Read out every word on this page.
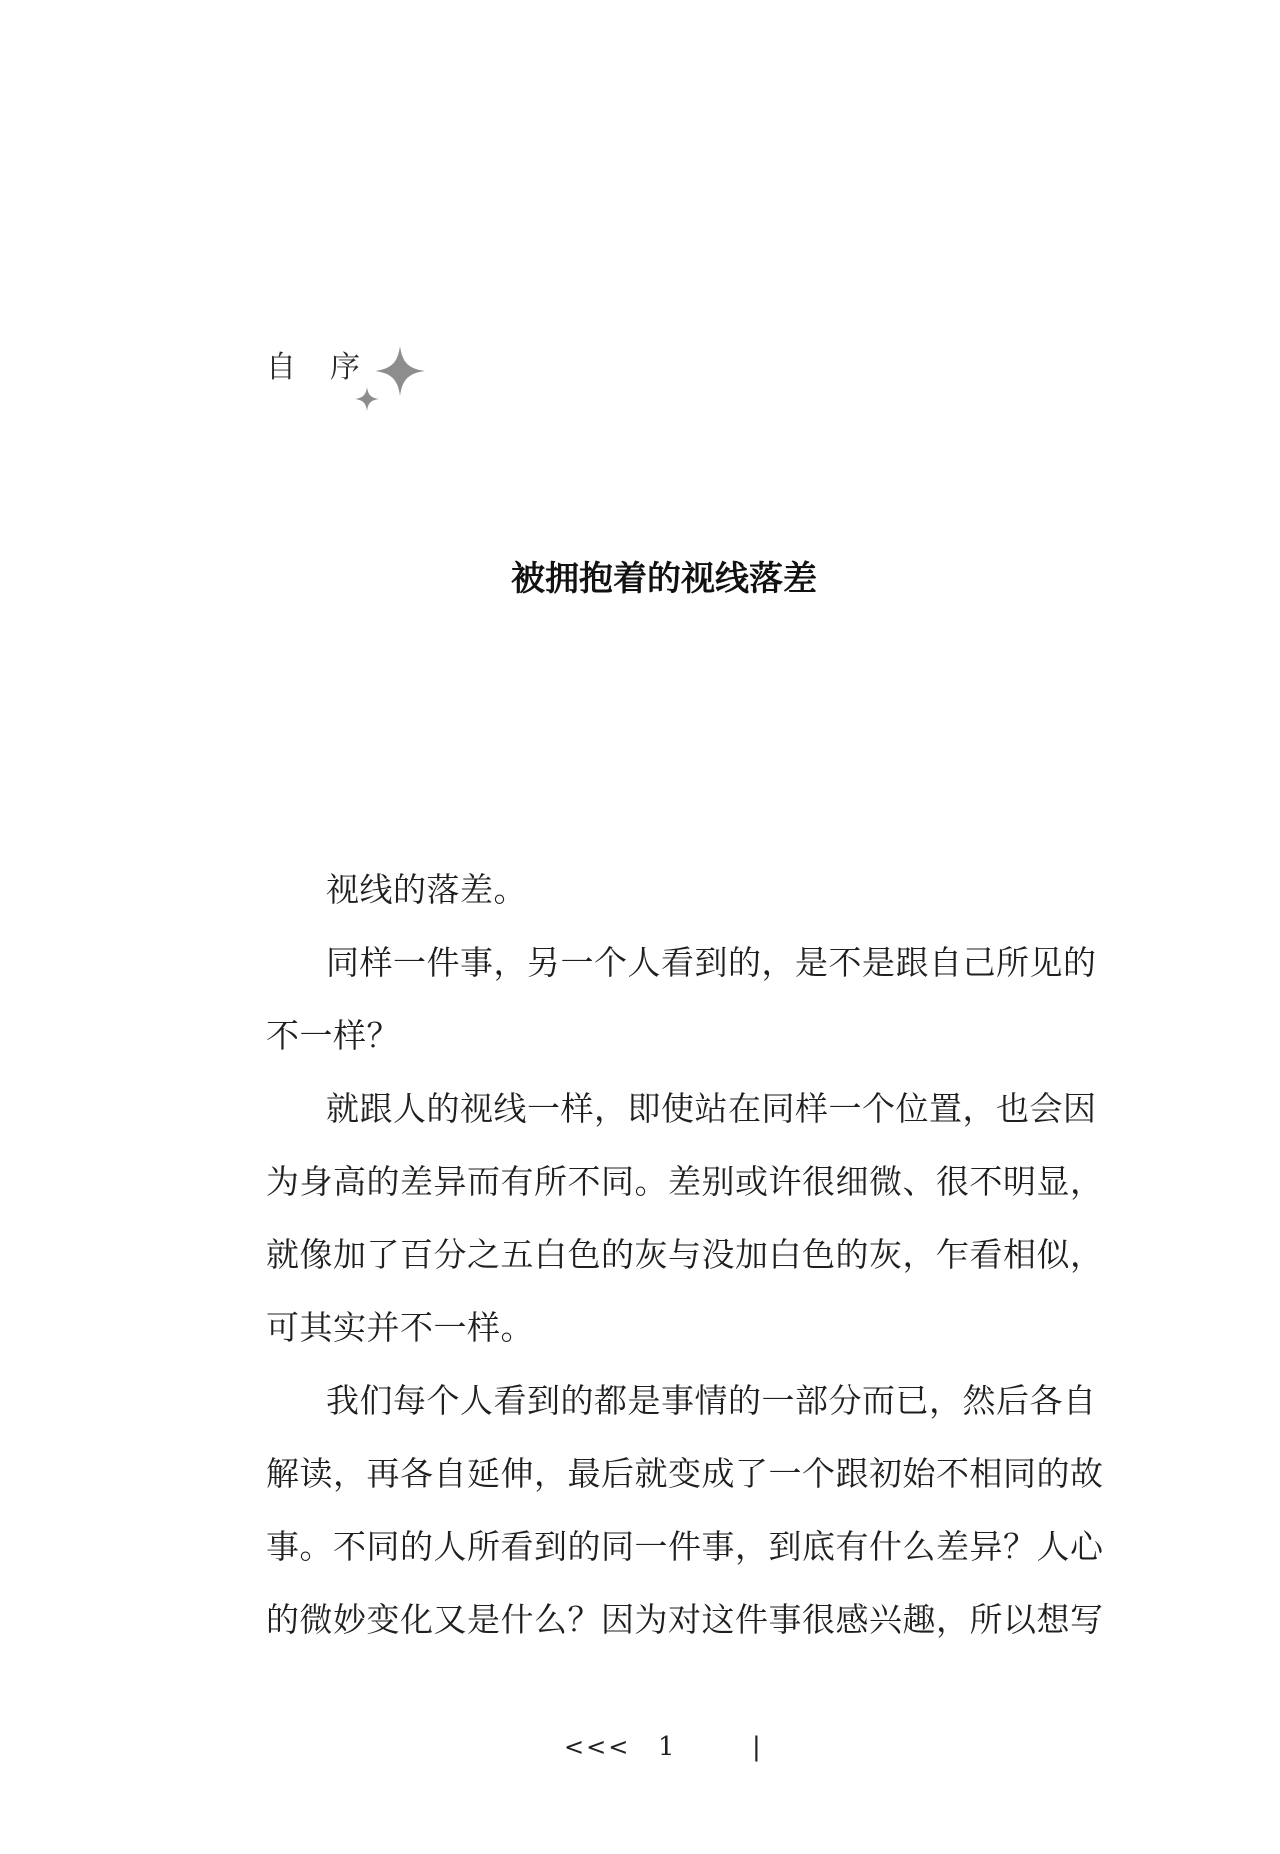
自　序
被拥抱着的视线落差
视线的落差。
同样一件事，另一个人看到的，是不是跟自己所见的
不一样？
就跟人的视线一样，即使站在同样一个位置，也会因
为身高的差异而有所不同。差别或许很细微、很不明显，
就像加了百分之五白色的灰与没加白色的灰，乍看相似，
可其实并不一样。
我们每个人看到的都是事情的一部分而已，然后各自
解读，再各自延伸，最后就变成了一个跟初始不相同的故
事。不同的人所看到的同一件事，到底有什么差异？人心
的微妙变化又是什么？因为对这件事很感兴趣，所以想写
<<< 1	|
